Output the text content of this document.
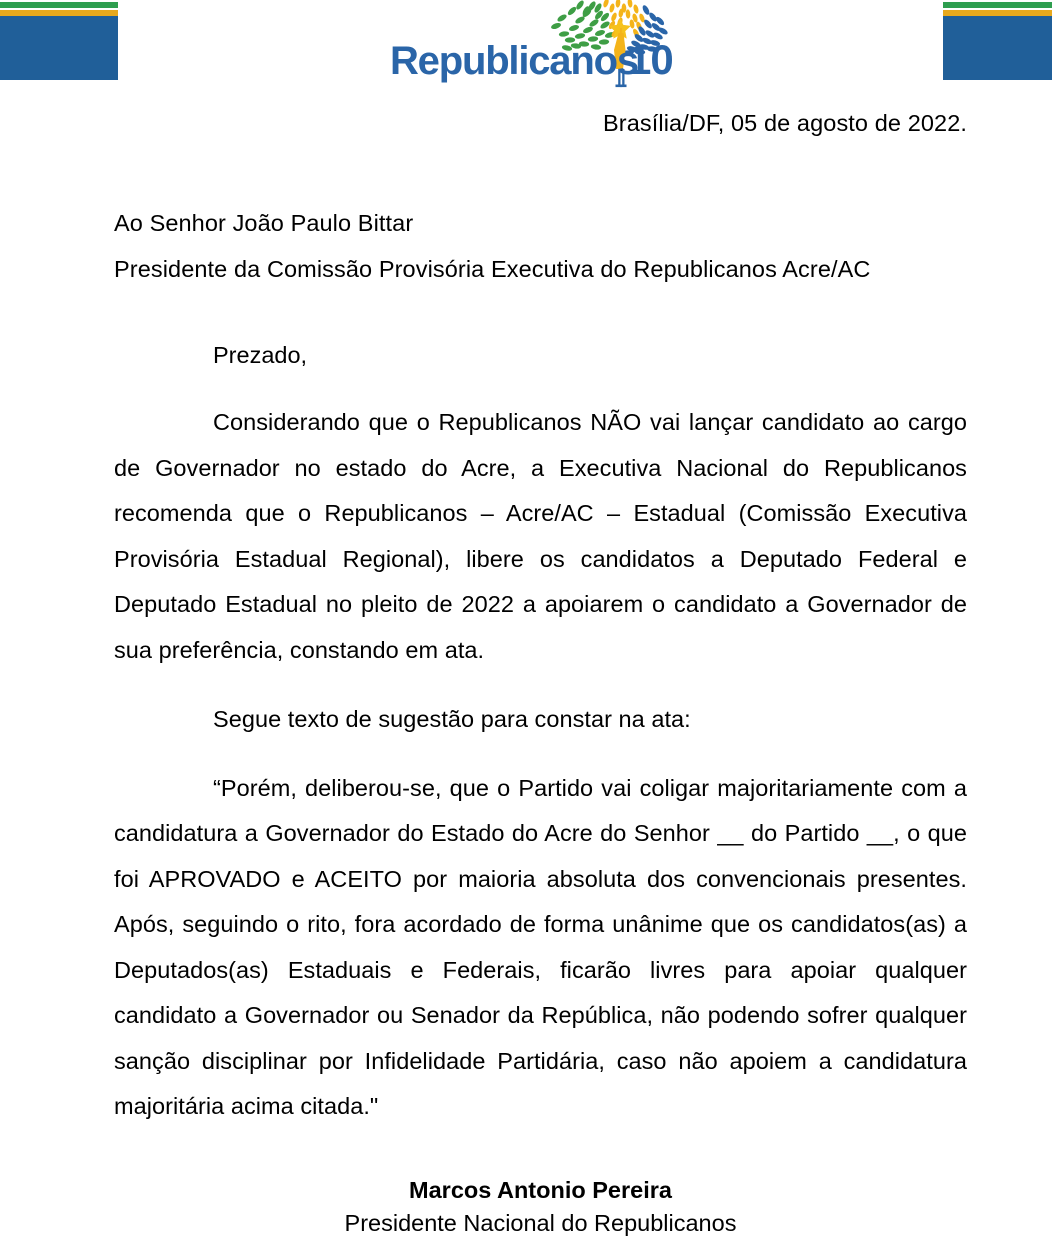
Republicanos
10
Brasília/DF, 05 de agosto de 2022.
Ao Senhor João Paulo Bittar
Presidente da Comissão Provisória Executiva do Republicanos Acre/AC
Prezado,

Considerando que o Republicanos NÃO vai lançar candidato ao cargo de Governador no estado do Acre, a Executiva Nacional do Republicanos recomenda que o Republicanos – Acre/AC – Estadual (Comissão Executiva Provisória Estadual Regional), libere os candidatos a Deputado Federal e Deputado Estadual no pleito de 2022 a apoiarem o candidato a Governador de sua preferência, constando em ata.

Segue texto de sugestão para constar na ata:

“Porém, deliberou-se, que o Partido vai coligar majoritariamente com a candidatura a Governador do Estado do Acre do Senhor __ do Partido __, o que foi APROVADO e ACEITO por maioria absoluta dos convencionais presentes. Após, seguindo o rito, fora acordado de forma unânime que os candidatos(as) a Deputados(as) Estaduais e Federais, ficarão livres para apoiar qualquer candidato a Governador ou Senador da República, não podendo sofrer qualquer sanção disciplinar por Infidelidade Partidária, caso não apoiem a candidatura majoritária acima citada."

Marcos Antonio Pereira
Presidente Nacional do Republicanos
